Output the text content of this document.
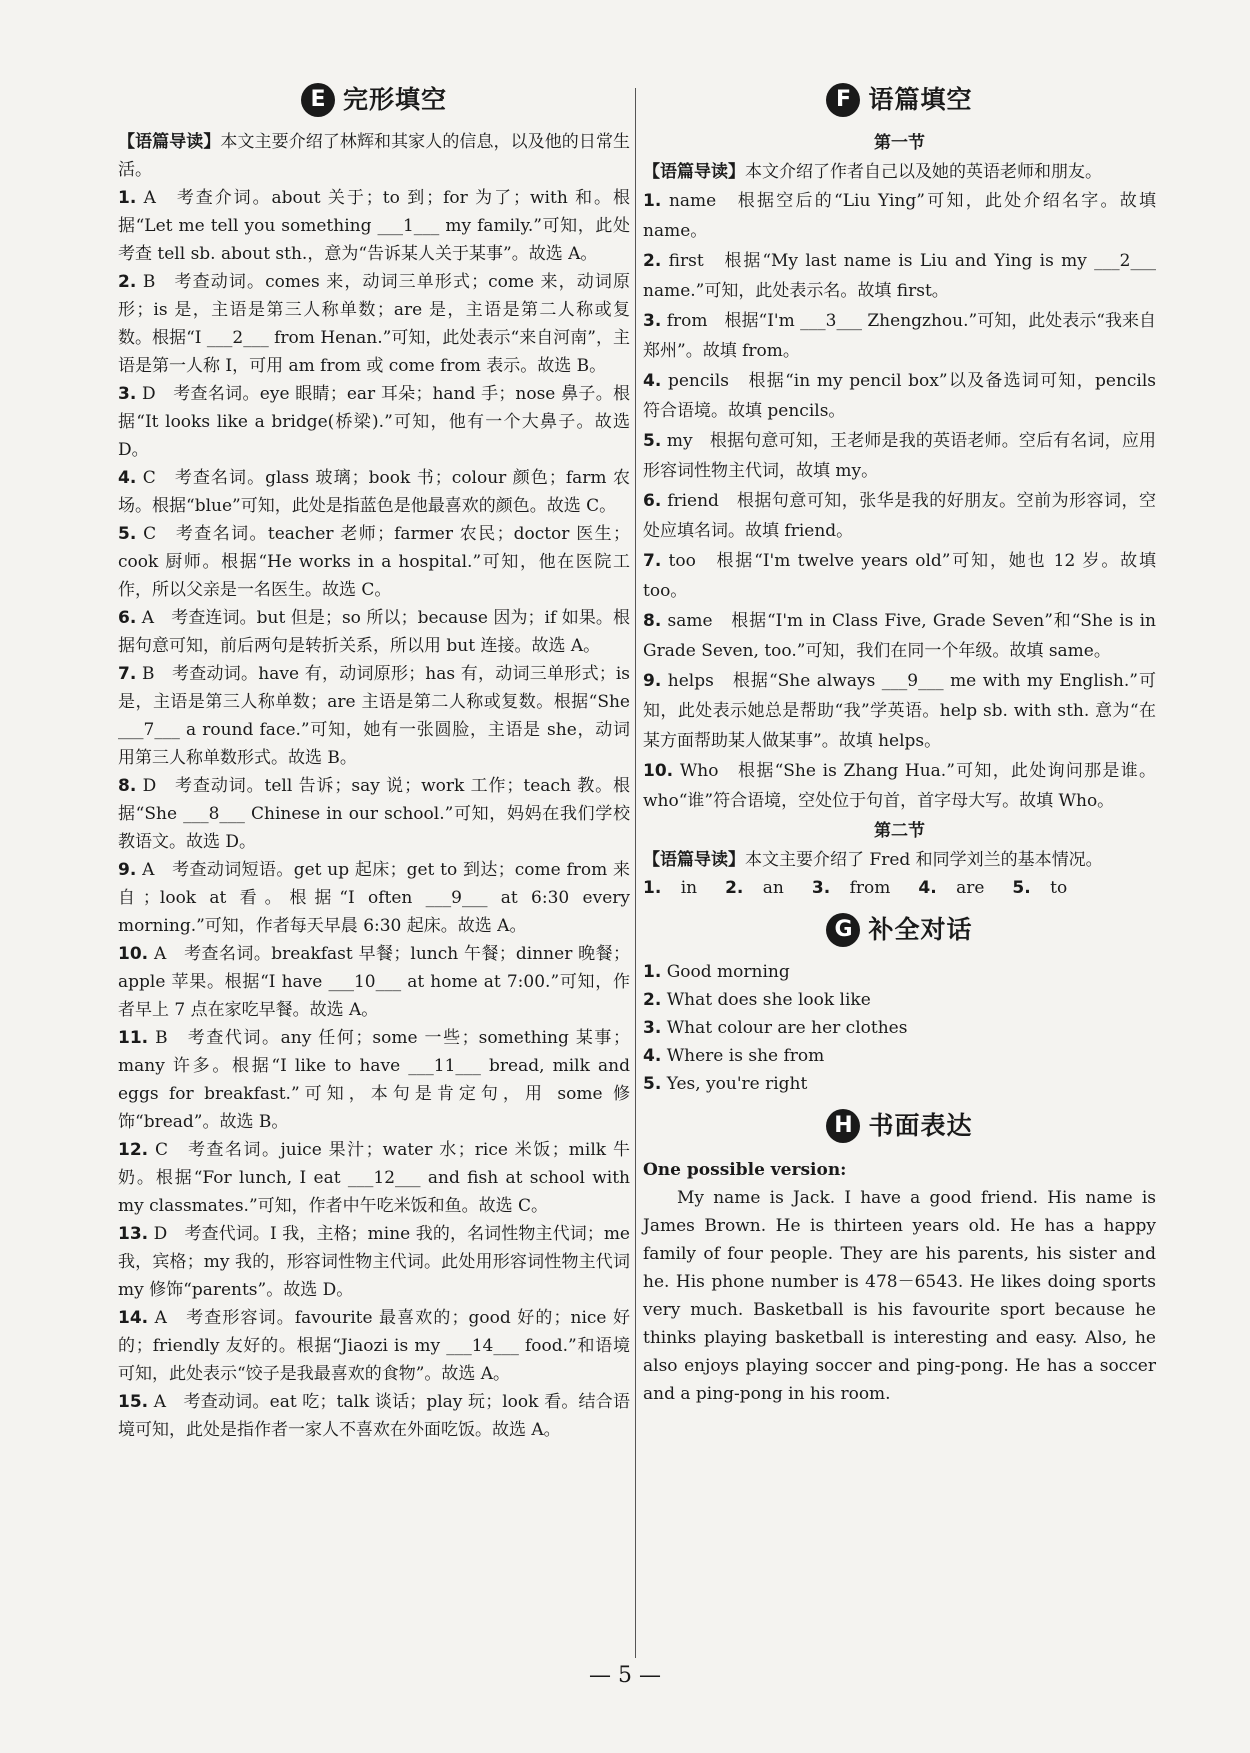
E 完形填空

【语篇导读】本文主要介绍了林辉和其家人的信息，以及他的日常生活。

1. A　考查介词。about 关于；to 到；for 为了；with 和。根据“Let me tell you something ___1___ my family.”可知，此处考查 tell sb. about sth.，意为“告诉某人关于某事”。故选 A。

2. B　考查动词。comes 来，动词三单形式；come 来，动词原形；is 是，主语是第三人称单数；are 是，主语是第二人称或复数。根据“I ___2___ from Henan.”可知，此处表示“来自河南”，主语是第一人称 I，可用 am from 或 come from 表示。故选 B。

3. D　考查名词。eye 眼睛；ear 耳朵；hand 手；nose 鼻子。根据“It looks like a bridge(桥梁).”可知，他有一个大鼻子。故选 D。

4. C　考查名词。glass 玻璃；book 书；colour 颜色；farm 农场。根据“blue”可知，此处是指蓝色是他最喜欢的颜色。故选 C。

5. C　考查名词。teacher 老师；farmer 农民；doctor 医生；cook 厨师。根据“He works in a hospital.”可知，他在医院工作，所以父亲是一名医生。故选 C。

6. A　考查连词。but 但是；so 所以；because 因为；if 如果。根据句意可知，前后两句是转折关系，所以用 but 连接。故选 A。

7. B　考查动词。have 有，动词原形；has 有，动词三单形式；is 是，主语是第三人称单数；are 主语是第二人称或复数。根据“She ___7___ a round face.”可知，她有一张圆脸，主语是 she，动词用第三人称单数形式。故选 B。

8. D　考查动词。tell 告诉；say 说；work 工作；teach 教。根据“She ___8___ Chinese in our school.”可知，妈妈在我们学校教语文。故选 D。

9. A　考查动词短语。get up 起床；get to 到达；come from 来自；look at 看。根据“I often ___9___ at 6:30 every morning.”可知，作者每天早晨 6:30 起床。故选 A。

10. A　考查名词。breakfast 早餐；lunch 午餐；dinner 晚餐；apple 苹果。根据“I have ___10___ at home at 7:00.”可知，作者早上 7 点在家吃早餐。故选 A。

11. B　考查代词。any 任何；some 一些；something 某事；many 许多。根据“I like to have ___11___ bread, milk and eggs for breakfast.”可知，本句是肯定句，用 some 修饰“bread”。故选 B。

12. C　考查名词。juice 果汁；water 水；rice 米饭；milk 牛奶。根据“For lunch, I eat ___12___ and fish at school with my classmates.”可知，作者中午吃米饭和鱼。故选 C。

13. D　考查代词。I 我，主格；mine 我的，名词性物主代词；me 我，宾格；my 我的，形容词性物主代词。此处用形容词性物主代词 my 修饰“parents”。故选 D。

14. A　考查形容词。favourite 最喜欢的；good 好的；nice 好的；friendly 友好的。根据“Jiaozi is my ___14___ food.”和语境可知，此处表示“饺子是我最喜欢的食物”。故选 A。

15. A　考查动词。eat 吃；talk 谈话；play 玩；look 看。结合语境可知，此处是指作者一家人不喜欢在外面吃饭。故选 A。

F 语篇填空
第一节

【语篇导读】本文介绍了作者自己以及她的英语老师和朋友。

1. name　根据空后的“Liu Ying”可知，此处介绍名字。故填 name。

2. first　根据“My last name is Liu and Ying is my ___2___ name.”可知，此处表示名。故填 first。

3. from　根据“I'm ___3___ Zhengzhou.”可知，此处表示“我来自郑州”。故填 from。

4. pencils　根据“in my pencil box”以及备选词可知，pencils 符合语境。故填 pencils。

5. my　根据句意可知，王老师是我的英语老师。空后有名词，应用形容词性物主代词，故填 my。

6. friend　根据句意可知，张华是我的好朋友。空前为形容词，空处应填名词。故填 friend。

7. too　根据“I'm twelve years old”可知，她也 12 岁。故填 too。

8. same　根据“I'm in Class Five, Grade Seven”和“She is in Grade Seven, too.”可知，我们在同一个年级。故填 same。

9. helps　根据“She always ___9___ me with my English.”可知，此处表示她总是帮助“我”学英语。help sb. with sth. 意为“在某方面帮助某人做某事”。故填 helps。

10. Who　根据“She is Zhang Hua.”可知，此处询问那是谁。who“谁”符合语境，空处位于句首，首字母大写。故填 Who。

第二节

【语篇导读】本文主要介绍了 Fred 和同学刘兰的基本情况。

1. in 2. an 3. from 4. are 5. to
G 补全对话

1. Good morning

2. What does she look like

3. What colour are her clothes

4. Where is she from

5. Yes, you're right

H 书面表达
One possible version:

My name is Jack. I have a good friend. His name is James Brown. He is thirteen years old. He has a happy family of four people. They are his parents, his sister and he. His phone number is 478－6543. He likes doing sports very much. Basketball is his favourite sport because he thinks playing basketball is interesting and easy. Also, he also enjoys playing soccer and ping-pong. He has a soccer and a ping-pong in his room.

— 5 —
